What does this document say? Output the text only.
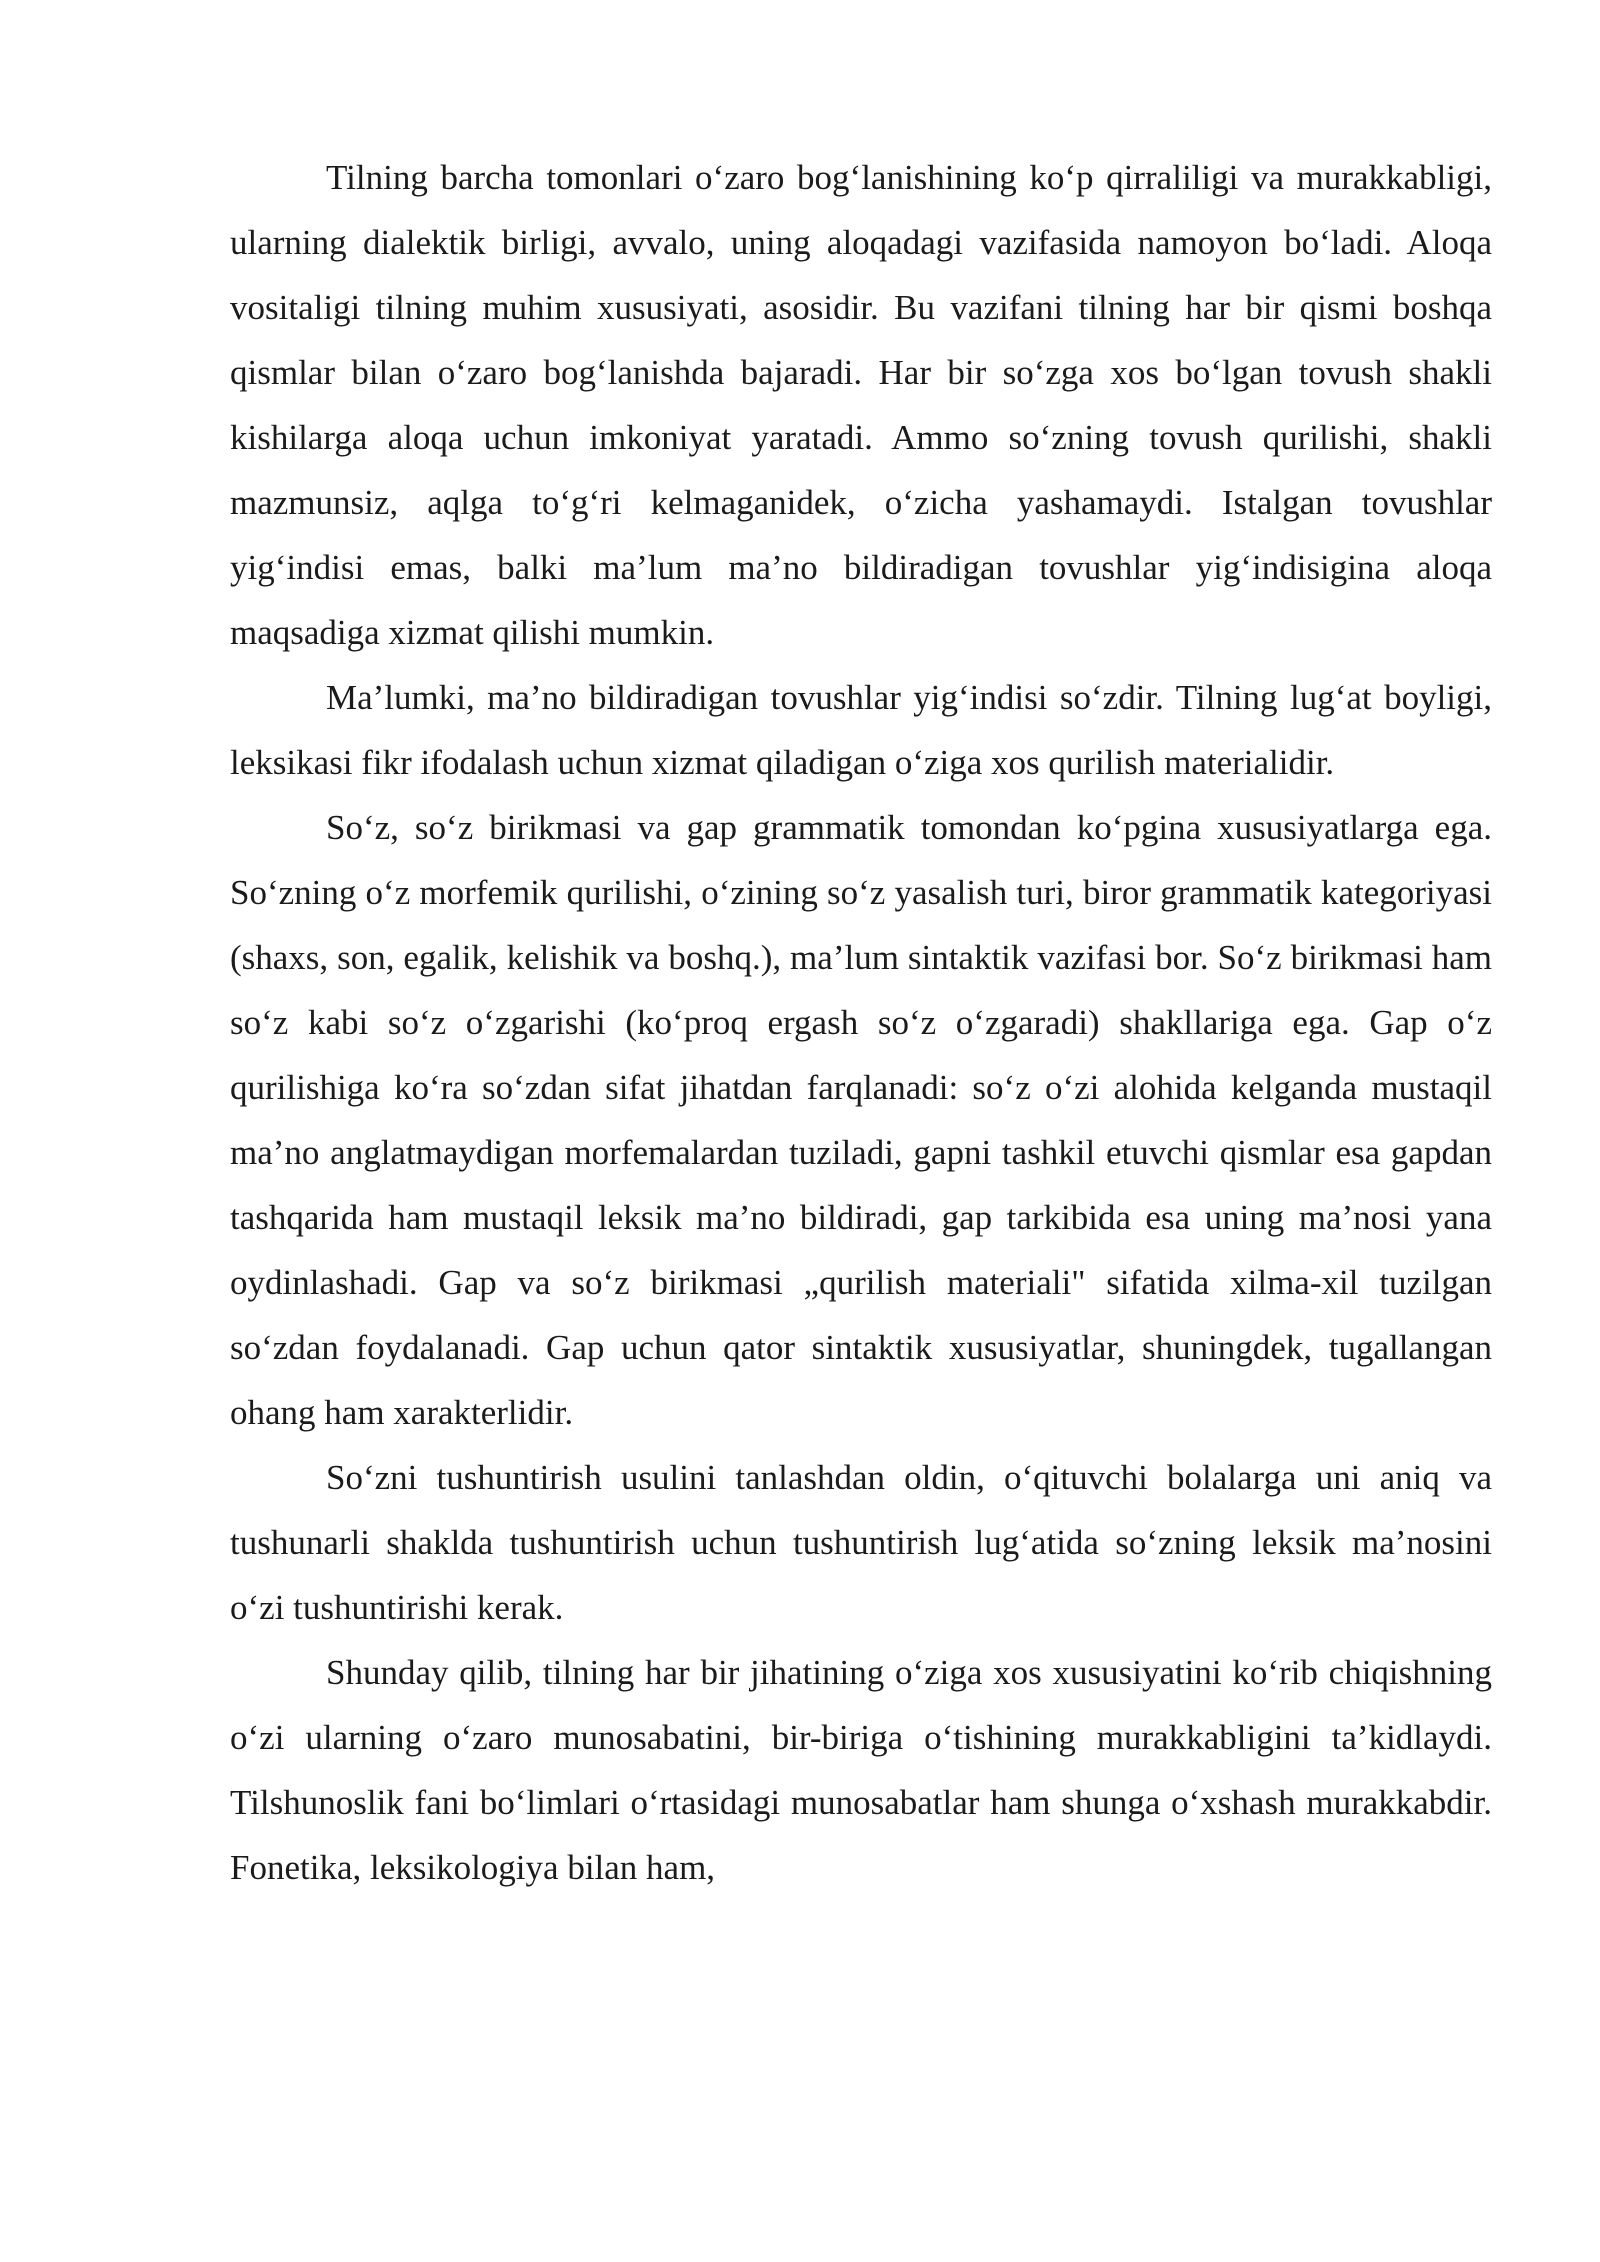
Tilning barcha tomonlari o‘zaro bog‘lanishining ko‘p qirraliligi va murakkabligi, ularning dialektik birligi, avvalo, uning aloqadagi vazifasida namoyon bo‘ladi. Aloqa vositaligi tilning muhim xususiyati, asosidir. Bu vazifani tilning har bir qismi boshqa qismlar bilan o‘zaro bog‘lanishda bajaradi. Har bir so‘zga xos bo‘lgan tovush shakli kishilarga aloqa uchun imkoniyat yaratadi. Ammo so‘zning tovush qurilishi, shakli mazmunsiz, aqlga to‘g‘ri kelmaganidek, o‘zicha yashamaydi. Istalgan tovushlar yig‘indisi emas, balki ma’lum ma’no bildiradigan tovushlar yig‘indisigina aloqa maqsadiga xizmat qilishi mumkin.

Ma’lumki, ma’no bildiradigan tovushlar yig‘indisi so‘zdir. Tilning lug‘at boyligi, leksikasi fikr ifodalash uchun xizmat qiladigan o‘ziga xos qurilish materialidir.

So‘z, so‘z birikmasi va gap grammatik tomondan ko‘pgina xususiyatlarga ega. So‘zning o‘z morfemik qurilishi, o‘zining so‘z yasalish turi, biror grammatik kategoriyasi (shaxs, son, egalik, kelishik va boshq.), ma’lum sintaktik vazifasi bor. So‘z birikmasi ham so‘z kabi so‘z o‘zgarishi (ko‘proq ergash so‘z o‘zgaradi) shakllariga ega. Gap o‘z qurilishiga ko‘ra so‘zdan sifat jihatdan farqlanadi: so‘z o‘zi alohida kelganda mustaqil ma’no anglatmaydigan morfemalardan tuziladi, gapni tashkil etuvchi qismlar esa gapdan tashqarida ham mustaqil leksik ma’no bildiradi, gap tarkibida esa uning ma’nosi yana oydinlashadi. Gap va so‘z birikmasi „qurilish materiali" sifatida xilma-xil tuzilgan so‘zdan foydalanadi. Gap uchun qator sintaktik xususiyatlar, shuningdek, tugallangan ohang ham xarakterlidir.

So‘zni tushuntirish usulini tanlashdan oldin, o‘qituvchi bolalarga uni aniq va tushunarli shaklda tushuntirish uchun tushuntirish lug‘atida so‘zning leksik ma’nosini o‘zi tushuntirishi kerak.

Shunday qilib, tilning har bir jihatining o‘ziga xos xususiyatini ko‘rib chiqishning o‘zi ularning o‘zaro munosabatini, bir-biriga o‘tishining murakkabligini ta’kidlaydi. Tilshunoslik fani bo‘limlari o‘rtasidagi munosabatlar ham shunga o‘xshash murakkabdir. Fonetika, leksikologiya bilan ham,
